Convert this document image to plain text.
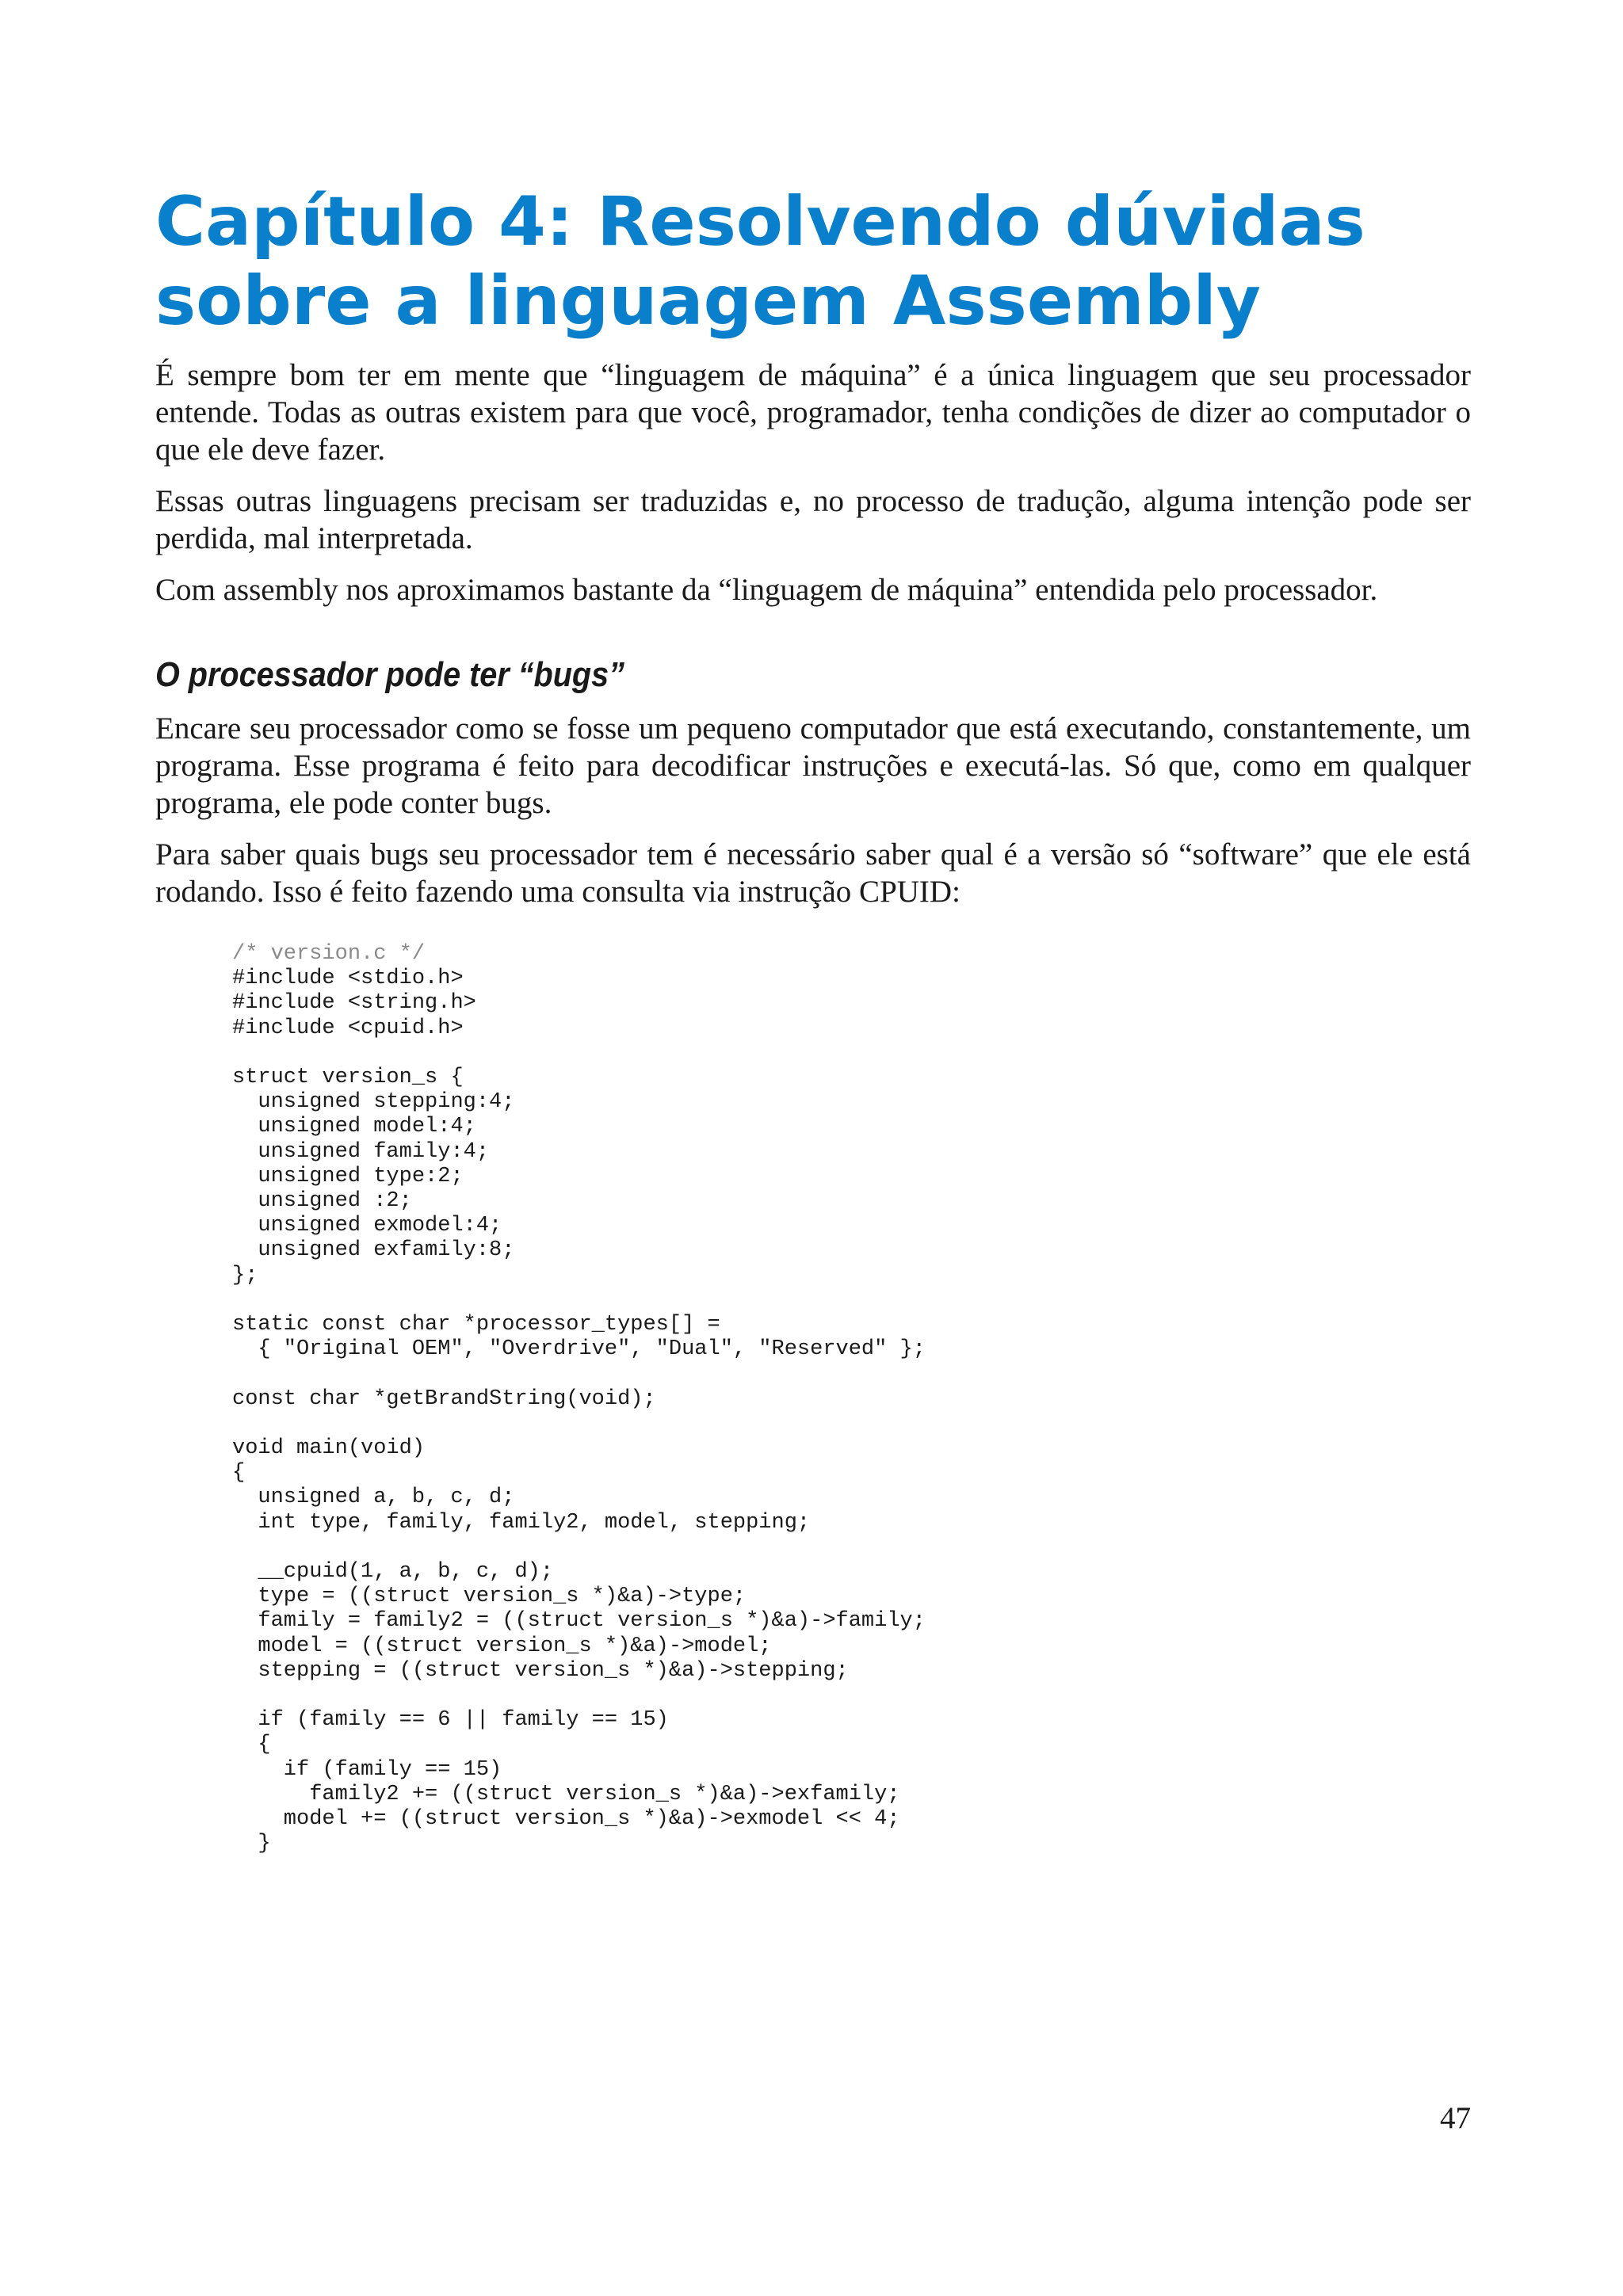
Capítulo 4: Resolvendo dúvidas
sobre a linguagem Assembly

É sempre bom ter em mente que “linguagem de máquina” é a única linguagem que seu processador entende. Todas as outras existem para que você, programador, tenha condições de dizer ao computador o que ele deve fazer.

Essas outras linguagens precisam ser traduzidas e, no processo de tradução, alguma intenção pode ser perdida, mal interpretada.

Com assembly nos aproximamos bastante da “linguagem de máquina” entendida pelo processador.

O processador pode ter “bugs”

Encare seu processador como se fosse um pequeno computador que está executando, constantemente, um programa. Esse programa é feito para decodificar instruções e executá-las. Só que, como em qualquer programa, ele pode conter bugs.

Para saber quais bugs seu processador tem é necessário saber qual é a versão só “software” que ele está rodando. Isso é feito fazendo uma consulta via instrução CPUID:

/* version.c */
#include <stdio.h>
#include <string.h>
#include <cpuid.h>
struct version_s {
unsigned stepping:4;
unsigned model:4;
unsigned family:4;
unsigned type:2;
unsigned :2;
unsigned exmodel:4;
unsigned exfamily:8;
};
static const char *processor_types[] =
{ "Original OEM", "Overdrive", "Dual", "Reserved" };
const char *getBrandString(void);
void main(void)
{
unsigned a, b, c, d;
int type, family, family2, model, stepping;
__cpuid(1, a, b, c, d);
type = ((struct version_s *)&a)->type;
family = family2 = ((struct version_s *)&a)->family;
model = ((struct version_s *)&a)->model;
stepping = ((struct version_s *)&a)->stepping;
if (family == 6 || family == 15)
{
if (family == 15)
family2 += ((struct version_s *)&a)->exfamily;
model += ((struct version_s *)&a)->exmodel << 4;
}
47
